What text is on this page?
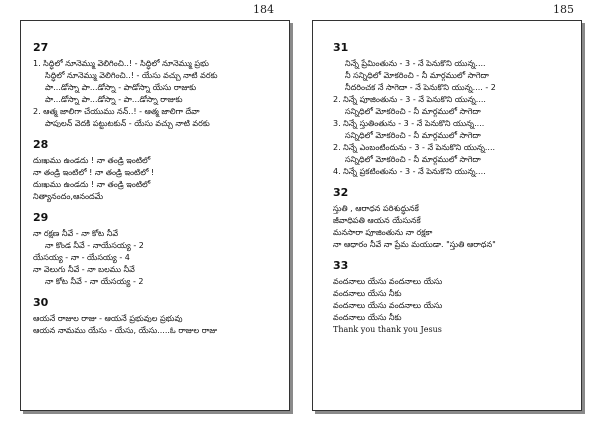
184
27
1. సిద్ధిలో నూనెమ్ము వెలిగించి..! - సిద్ధిలో నూనెమ్ము ప్రభు
సిద్ధిలో నూనెమ్ము వెలిగించి..! - యేసు వచ్చు నాటి వరకు
పా...డోస్నా పా...డోస్నా - పాడోస్నా యేసు రాజుకు
పా...డోస్నా పా...డోస్నా - పా...డోస్నా రాజుకు
2. ఆత్మ జాలిగా చేయుము నన్..! - ఆత్మ జాలిగా దేవా
పాపులన్ వెదకి పట్టుటకున్ - యేసు వచ్చు నాటి వరకు
28
దుఃఖము ఉండదు ! నా తండ్రి ఇంటిలో
నా తండ్రి ఇంటిలో ! నా తండ్రి ఇంటిలో !
దుఃఖము ఉండదు ! నా తండ్రి ఇంటిలో
నిత్యానందం,ఆనందమే
29
నా రక్షణ నీవే - నా కోట నీవే
నా కొండ నీవే - నాయేసయ్య - 2
యేసయ్య - నా - యేసయ్య - 4
నా వెలుగు నీవే - నా బలము నీవే
నా కోట నీవే - నా యేసయ్య - 2
30
ఆయనే రాజుల రాజు - ఆయనే ప్రభువుల ప్రభువు
ఆయన నామము యేసు - యేసు, యేసు.....ఓ రాజుల రాజు
185
31
నిన్నే ప్రేమింతును - 3 - నే పెనుకొని యున్న....
నీ సన్నిధిలో మోకరించి - నీ మార్గములో సాగెదా
నీదరించక నే సాగెదా - నే పెనుకొని యున్న.... - 2
2. నిన్నే పూజింతును - 3 - నే పెనుకొని యున్న....
సన్నిధిలో మోకరించి - నీ మార్గములో సాగెదా
3. నిన్నే స్తుతింతును - 3 - నే పెనుకొని యున్న....
సన్నిధిలో మోకరించి - నీ మార్గములో సాగెదా
2. నిన్నే ఎంబంటిందును - 3 - నే పెనుకొని యున్న....
సన్నిధిలో మోకరించి - నీ మార్గములో సాగెదా
4. నిన్నే ప్రకటింతును - 3 - నే పెనుకొని యున్న....
32
స్తుతి , ఆరాధన పరిశుద్ధునకే
జీవాధిపతి ఆయన యేసునకే
మనసారా పూజింతును నా రక్షకా
నా ఆధారం నీవే నా ప్రేమ మయుడా. "స్తుతి ఆరాధన"
33
వందనాలు యేసు వందనాలు యేసు
వందనాలు యేసు నీకు
వందనాలు యేసు వందనాలు యేసు
వందనాలు యేసు నీకు
Thank you thank you Jesus
